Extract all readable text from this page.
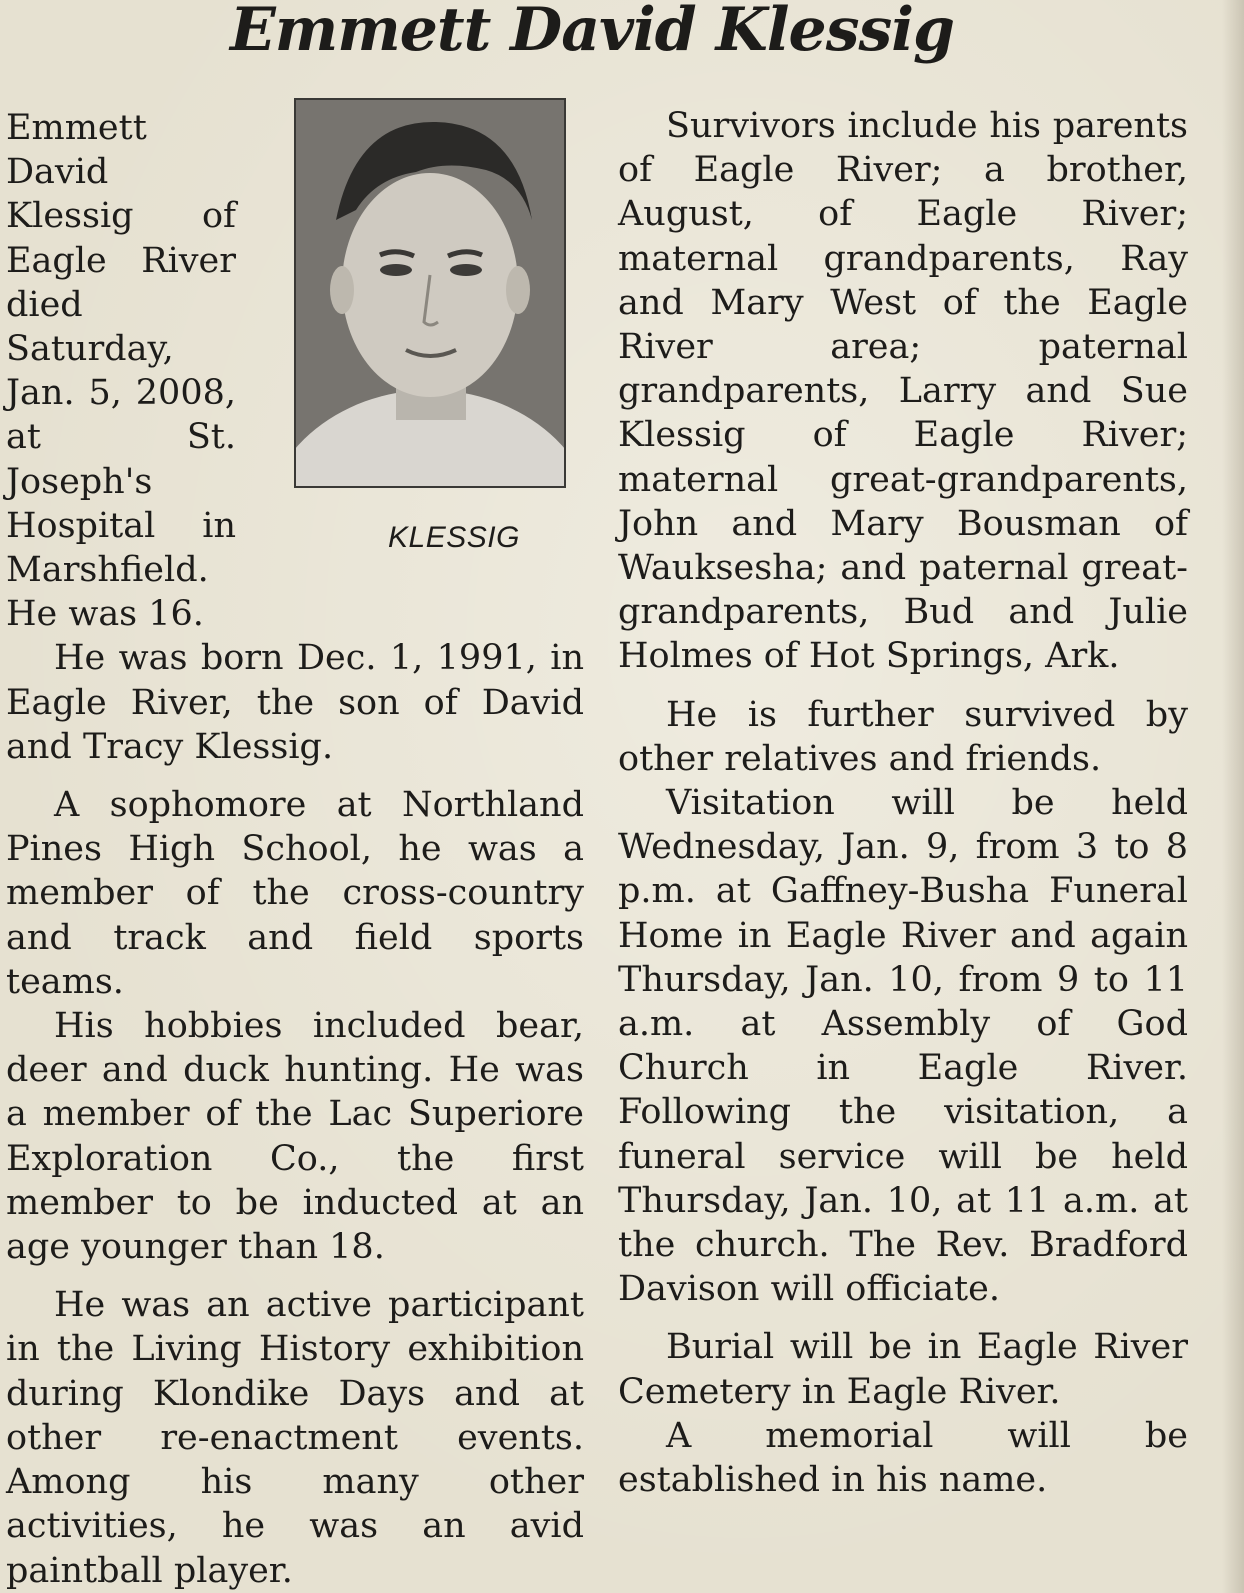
Emmett David Klessig
KLESSIG

Emmett David Klessig of Eagle River died Saturday, Jan. 5, 2008, at St. Joseph's Hospital in Marshfield. He was 16.

He was born Dec. 1, 1991, in Eagle River, the son of David and Tracy Klessig.

A sophomore at Northland Pines High School, he was a member of the cross-country and track and field sports teams.

His hobbies included bear, deer and duck hunting. He was a member of the Lac Superiore Exploration Co., the first member to be inducted at an age younger than 18.

He was an active participant in the Living History exhibition during Klondike Days and at other re-enactment events. Among his many other activities, he was an avid paintball player.

Survivors include his parents of Eagle River; a brother, August, of Eagle River; maternal grandparents, Ray and Mary West of the Eagle River area; paternal grandparents, Larry and Sue Klessig of Eagle River; maternal great-grandparents, John and Mary Bousman of Wauksesha; and paternal great-grandparents, Bud and Julie Holmes of Hot Springs, Ark.

He is further survived by other relatives and friends.

Visitation will be held Wednesday, Jan. 9, from 3 to 8 p.m. at Gaffney-Busha Funeral Home in Eagle River and again Thursday, Jan. 10, from 9 to 11 a.m. at Assembly of God Church in Eagle River. Following the visitation, a funeral service will be held Thursday, Jan. 10, at 11 a.m. at the church. The Rev. Bradford Davison will officiate.

Burial will be in Eagle River Cemetery in Eagle River.

A memorial will be established in his name.
